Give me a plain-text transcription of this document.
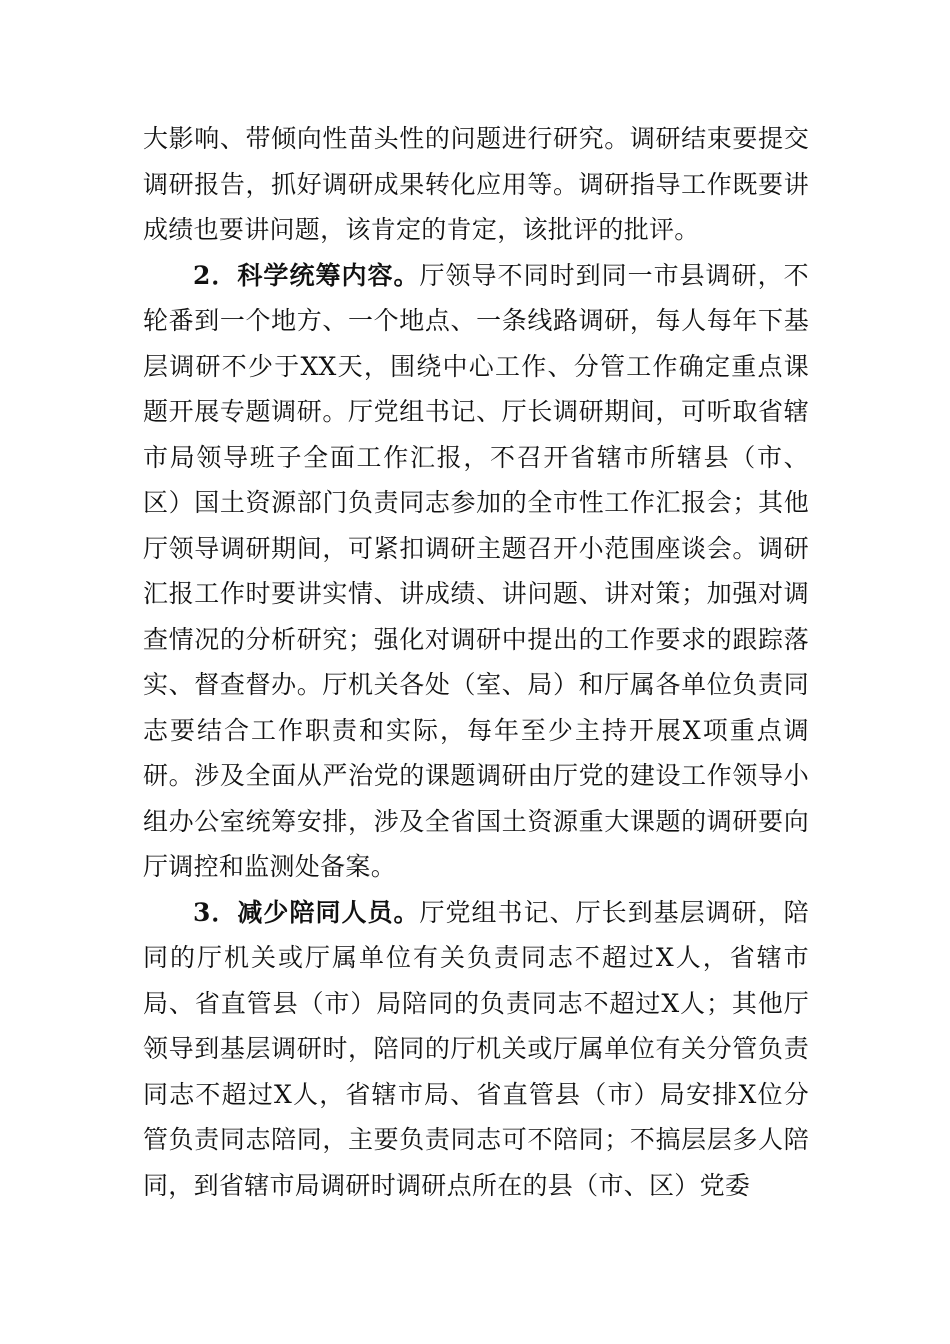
大影响、带倾向性苗头性的问题进行研究。调研结束要提交调研报告，抓好调研成果转化应用等。调研指导工作既要讲成绩也要讲问题，该肯定的肯定，该批评的批评。

2．科学统筹内容。厅领导不同时到同一市县调研，不轮番到一个地方、一个地点、一条线路调研，每人每年下基层调研不少于XX天，围绕中心工作、分管工作确定重点课题开展专题调研。厅党组书记、厅长调研期间，可听取省辖市局领导班子全面工作汇报，不召开省辖市所辖县（市、区）国土资源部门负责同志参加的全市性工作汇报会；其他厅领导调研期间，可紧扣调研主题召开小范围座谈会。调研汇报工作时要讲实情、讲成绩、讲问题、讲对策；加强对调查情况的分析研究；强化对调研中提出的工作要求的跟踪落实、督查督办。厅机关各处（室、局）和厅属各单位负责同志要结合工作职责和实际，每年至少主持开展X项重点调研。涉及全面从严治党的课题调研由厅党的建设工作领导小组办公室统筹安排，涉及全省国土资源重大课题的调研要向厅调控和监测处备案。

3．减少陪同人员。厅党组书记、厅长到基层调研，陪同的厅机关或厅属单位有关负责同志不超过X人，省辖市局、省直管县（市）局陪同的负责同志不超过X人；其他厅领导到基层调研时，陪同的厅机关或厅属单位有关分管负责同志不超过X人，省辖市局、省直管县（市）局安排X位分管负责同志陪同，主要负责同志可不陪同；不搞层层多人陪同，到省辖市局调研时调研点所在的县（市、区）党委
